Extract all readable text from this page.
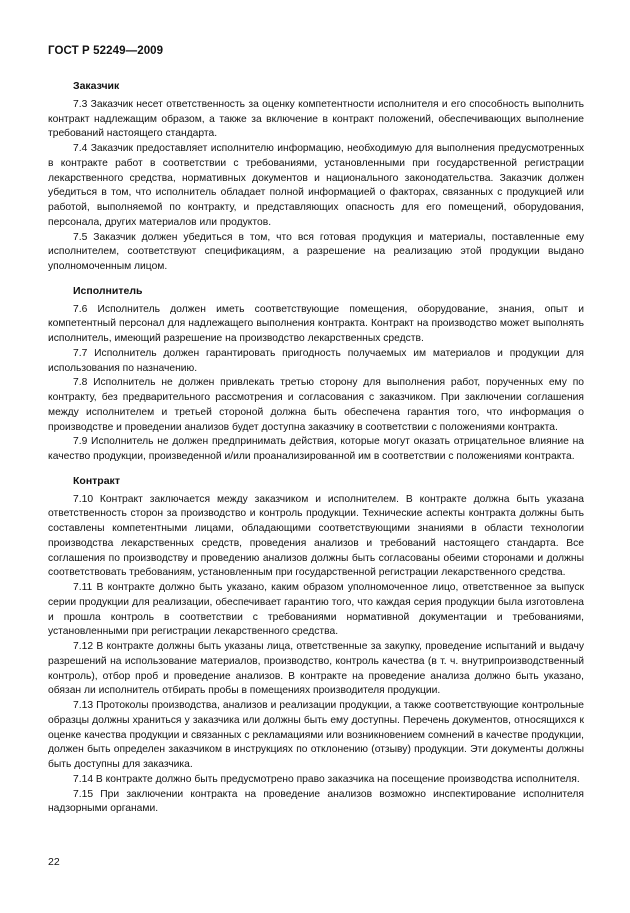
ГОСТ Р 52249—2009
Заказчик

7.3 Заказчик несет ответственность за оценку компетентности исполнителя и его способность выполнить контракт надлежащим образом, а также за включение в контракт положений, обеспечивающих выполнение требований настоящего стандарта.

7.4 Заказчик предоставляет исполнителю информацию, необходимую для выполнения предусмотренных в контракте работ в соответствии с требованиями, установленными при государственной регистрации лекарственного средства, нормативных документов и национального законодательства. Заказчик должен убедиться в том, что исполнитель обладает полной информацией о факторах, связанных с продукцией или работой, выполняемой по контракту, и представляющих опасность для его помещений, оборудования, персонала, других материалов или продуктов.

7.5 Заказчик должен убедиться в том, что вся готовая продукция и материалы, поставленные ему исполнителем, соответствуют спецификациям, а разрешение на реализацию этой продукции выдано уполномоченным лицом.

Исполнитель

7.6 Исполнитель должен иметь соответствующие помещения, оборудование, знания, опыт и компетентный персонал для надлежащего выполнения контракта. Контракт на производство может выполнять исполнитель, имеющий разрешение на производство лекарственных средств.

7.7 Исполнитель должен гарантировать пригодность получаемых им материалов и продукции для использования по назначению.

7.8 Исполнитель не должен привлекать третью сторону для выполнения работ, порученных ему по контракту, без предварительного рассмотрения и согласования с заказчиком. При заключении соглашения между исполнителем и третьей стороной должна быть обеспечена гарантия того, что информация о производстве и проведении анализов будет доступна заказчику в соответствии с положениями контракта.

7.9 Исполнитель не должен предпринимать действия, которые могут оказать отрицательное влияние на качество продукции, произведенной и/или проанализированной им в соответствии с положениями контракта.

Контракт

7.10 Контракт заключается между заказчиком и исполнителем. В контракте должна быть указана ответственность сторон за производство и контроль продукции. Технические аспекты контракта должны быть составлены компетентными лицами, обладающими соответствующими знаниями в области технологии производства лекарственных средств, проведения анализов и требований настоящего стандарта. Все соглашения по производству и проведению анализов должны быть согласованы обеими сторонами и должны соответствовать требованиям, установленным при государственной регистрации лекарственного средства.

7.11 В контракте должно быть указано, каким образом уполномоченное лицо, ответственное за выпуск серии продукции для реализации, обеспечивает гарантию того, что каждая серия продукции была изготовлена и прошла контроль в соответствии с требованиями нормативной документации и требованиями, установленными при регистрации лекарственного средства.

7.12 В контракте должны быть указаны лица, ответственные за закупку, проведение испытаний и выдачу разрешений на использование материалов, производство, контроль качества (в т. ч. внутрипроизводственный контроль), отбор проб и проведение анализов. В контракте на проведение анализа должно быть указано, обязан ли исполнитель отбирать пробы в помещениях производителя продукции.

7.13 Протоколы производства, анализов и реализации продукции, а также соответствующие контрольные образцы должны храниться у заказчика или должны быть ему доступны. Перечень документов, относящихся к оценке качества продукции и связанных с рекламациями или возникновением сомнений в качестве продукции, должен быть определен заказчиком в инструкциях по отклонению (отзыву) продукции. Эти документы должны быть доступны для заказчика.

7.14 В контракте должно быть предусмотрено право заказчика на посещение производства исполнителя.

7.15 При заключении контракта на проведение анализов возможно инспектирование исполнителя надзорными органами.

22
